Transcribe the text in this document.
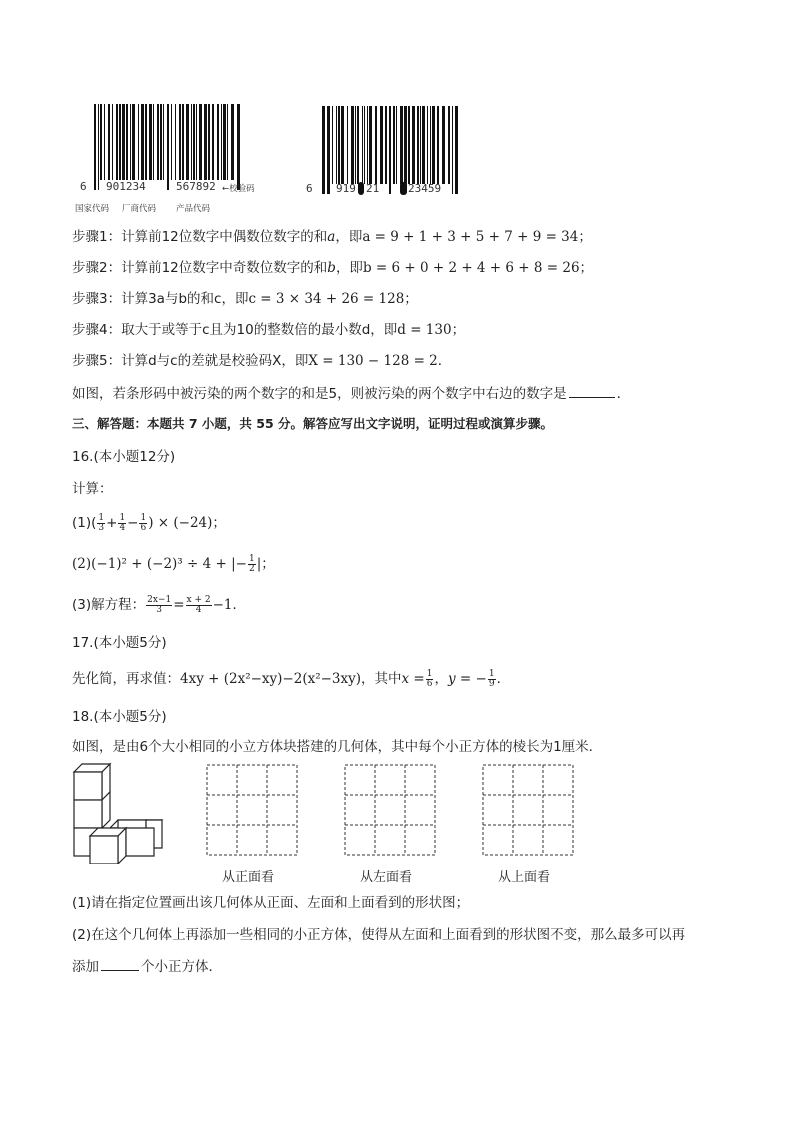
6 901234	567892 ←校验码
国家代码 厂商代码 产品代码
6 919 21	23459
步骤1：计算前12位数字中偶数位数字的和a，即a = 9 + 1 + 3 + 5 + 7 + 9 = 34；
步骤2：计算前12位数字中奇数位数字的和b，即b = 6 + 0 + 2 + 4 + 6 + 8 = 26；
步骤3：计算3a与b的和c，即c = 3 × 34 + 26 = 128；
步骤4：取大于或等于c且为10的整数倍的最小数d，即d = 130；
步骤5：计算d与c的差就是校验码X，即X = 130 − 128 = 2．
如图，若条形码中被污染的两个数字的和是5，则被污染的两个数字中右边的数字是	．
三、解答题：本题共 7 小题，共 55 分。解答应写出文字说明，证明过程或演算步骤。
16.(本小题12分)
计算：
$(1)( \frac{1}{3} + \frac{1}{4} - \frac{1}{6}$ ) × (−24)；
(2)(−1)² + (−2)³ ÷ 4 + |− $\frac{1}{2}$ |；
(3)解方程： $\frac{2x-1}{3} = \frac{x + 2}{4} -1$．
17.(本小题5分)
先化简，再求值：4xy + (2x²−xy)−2(x²−3xy)，其中$x = \frac{1}{6}$ ，y = − $\frac{1}{9}$ ．
18.(本小题5分)
如图，是由6个大小相同的小立方体块搭建的几何体，其中每个小正方体的棱长为1厘米．
从正面看	从左面看	从上面看
(1)请在指定位置画出该几何体从正面、左面和上面看到的形状图；
(2)在这个几何体上再添加一些相同的小正方体，使得从左面和上面看到的形状图不变，那么最多可以再
添加	个小正方体．
